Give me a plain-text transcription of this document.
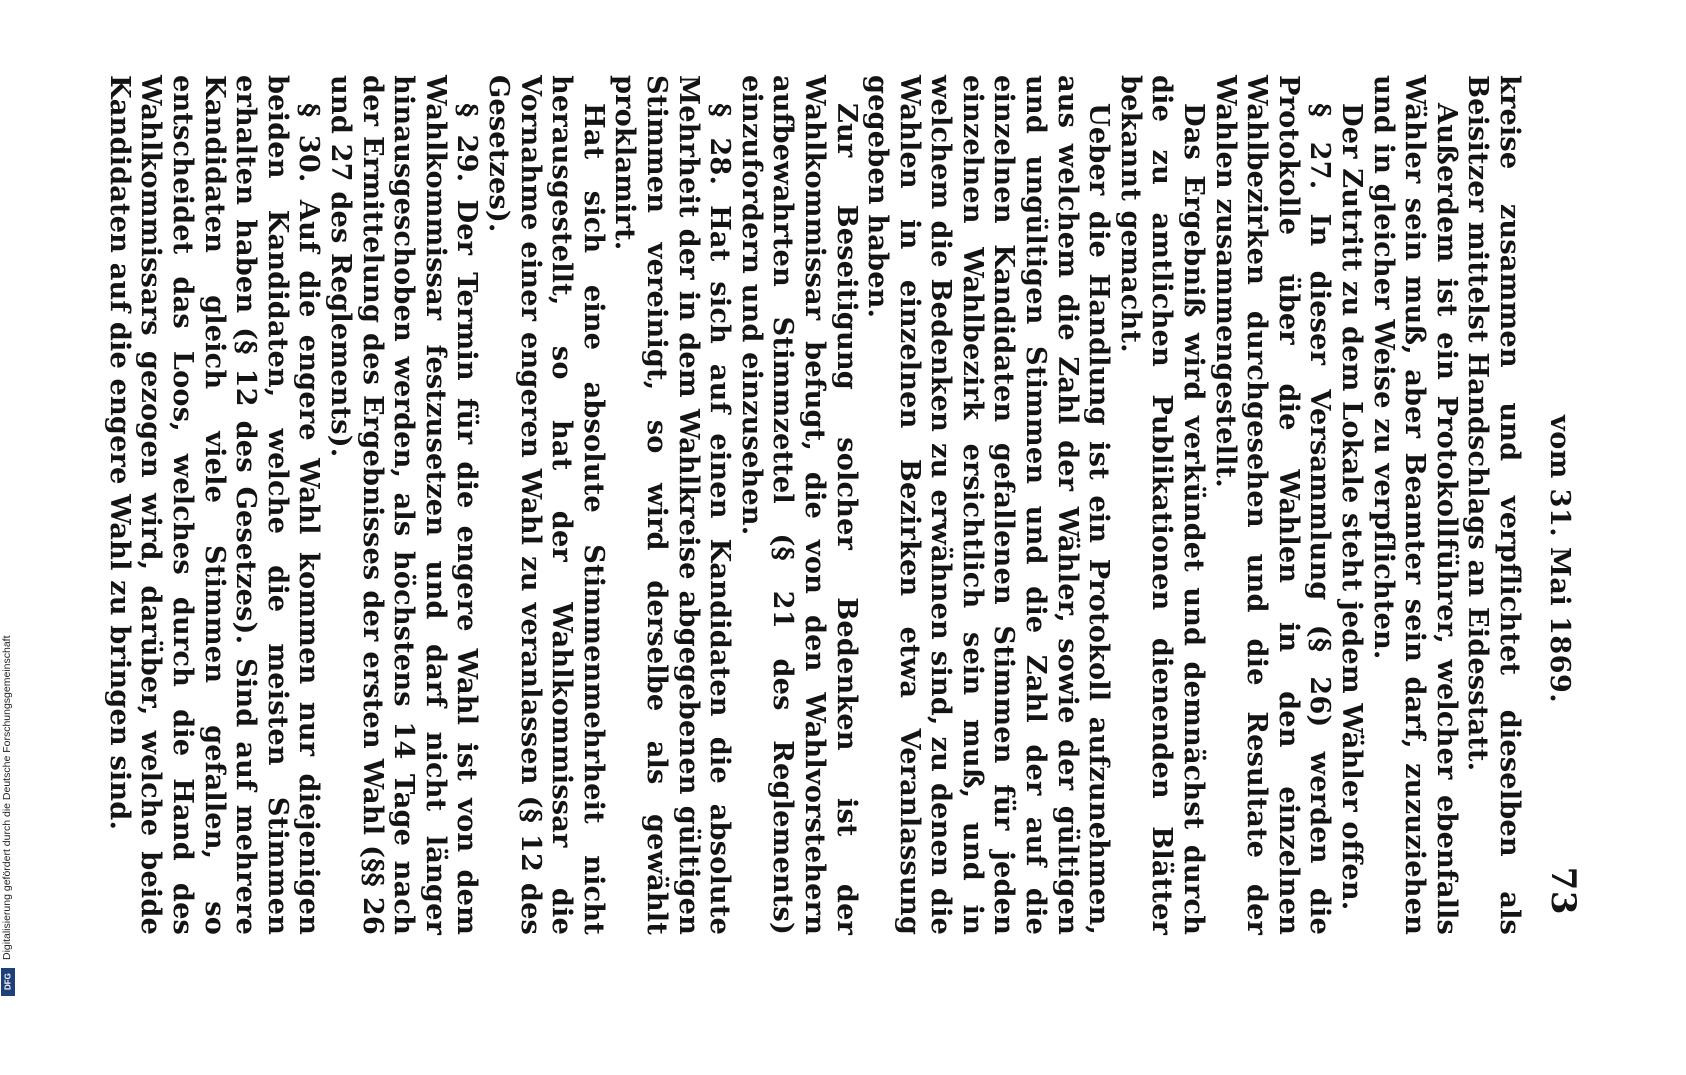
Digitalisierung gefördert durch die Deutsche Forschungsgemeinschaft
DFG
vom 31. Mai 1869.
73

kreise zusammen und verpflichtet dieselben als Beisitzer mittelst Handschlags an Eidesstatt.

Außerdem ist ein Protokollführer, welcher ebenfalls Wähler sein muß, aber Beamter sein darf, zuzuziehen und in gleicher Weise zu verpflichten.

Der Zutritt zu dem Lokale steht jedem Wähler offen.

§ 27. In dieser Versammlung (§ 26) werden die Protokolle über die Wahlen in den einzelnen Wahlbezirken durchgesehen und die Resultate der Wahlen zusammengestellt.

Das Ergebniß wird verkündet und demnächst durch die zu amtlichen Publikationen dienenden Blätter bekannt gemacht.

Ueber die Handlung ist ein Protokoll aufzunehmen, aus welchem die Zahl der Wähler, sowie der gültigen und ungültigen Stimmen und die Zahl der auf die einzelnen Kandidaten gefallenen Stimmen für jeden einzelnen Wahlbezirk ersichtlich sein muß, und in welchem die Bedenken zu erwähnen sind, zu denen die Wahlen in einzelnen Bezirken etwa Veranlassung gegeben haben.

Zur Beseitigung solcher Bedenken ist der Wahlkommissar befugt, die von den Wahlvorstehern aufbewahrten Stimmzettel (§ 21 des Reglements) einzufordern und einzusehen.

§ 28. Hat sich auf einen Kandidaten die absolute Mehrheit der in dem Wahlkreise abgegebenen gültigen Stimmen vereinigt, so wird derselbe als gewählt proklamirt.

Hat sich eine absolute Stimmenmehrheit nicht herausgestellt, so hat der Wahlkommissar die Vornahme einer engeren Wahl zu veranlassen (§ 12 des Gesetzes).

§ 29. Der Termin für die engere Wahl ist von dem Wahlkommissar festzusetzen und darf nicht länger hinausgeschoben werden, als höchstens 14 Tage nach der Ermittelung des Ergebnisses der ersten Wahl (§§ 26 und 27 des Reglements).

§ 30. Auf die engere Wahl kommen nur diejenigen beiden Kandidaten, welche die meisten Stimmen erhalten haben (§ 12 des Gesetzes). Sind auf mehrere Kandidaten gleich viele Stimmen gefallen, so entscheidet das Loos, welches durch die Hand des Wahlkommissars gezogen wird, darüber, welche beide Kandidaten auf die engere Wahl zu bringen sind.
